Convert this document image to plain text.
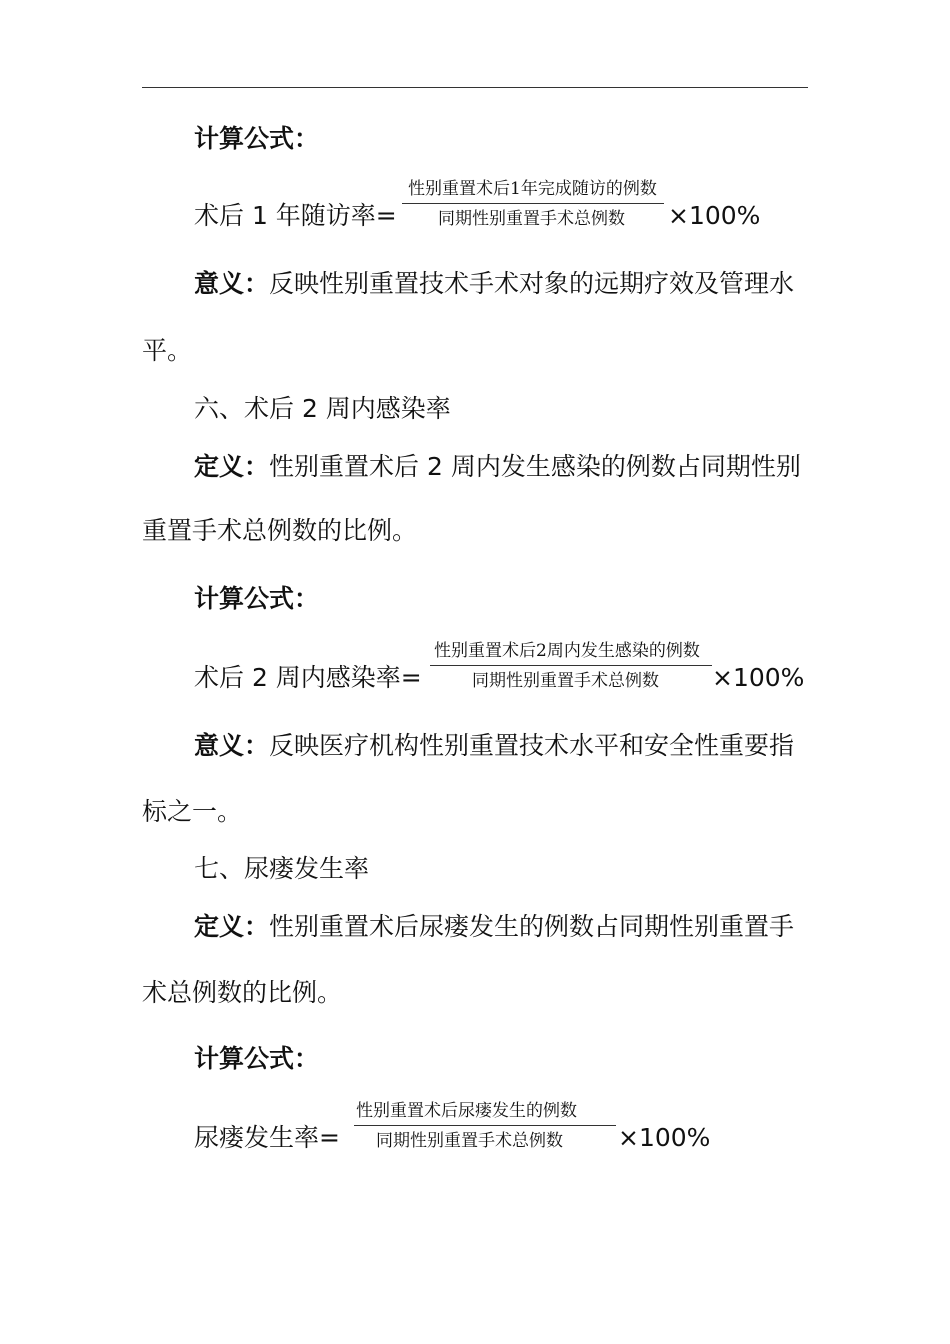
计算公式：
术后 1 年随访率=
性别重置术后1年完成随访的例数
同期性别重置手术总例数 ×100%
意义：反映性别重置技术手术对象的远期疗效及管理水
平。
六、术后 2 周内感染率
定义：性别重置术后 2 周内发生感染的例数占同期性别
重置手术总例数的比例。
计算公式：
术后 2 周内感染率=
性别重置术后2周内发生感染的例数
同期性别重置手术总例数 ×100%
意义：反映医疗机构性别重置技术水平和安全性重要指
标之一。
七、尿瘘发生率
定义：性别重置术后尿瘘发生的例数占同期性别重置手
术总例数的比例。
计算公式：
尿瘘发生率=
性别重置术后尿瘘发生的例数
同期性别重置手术总例数 ×100%
